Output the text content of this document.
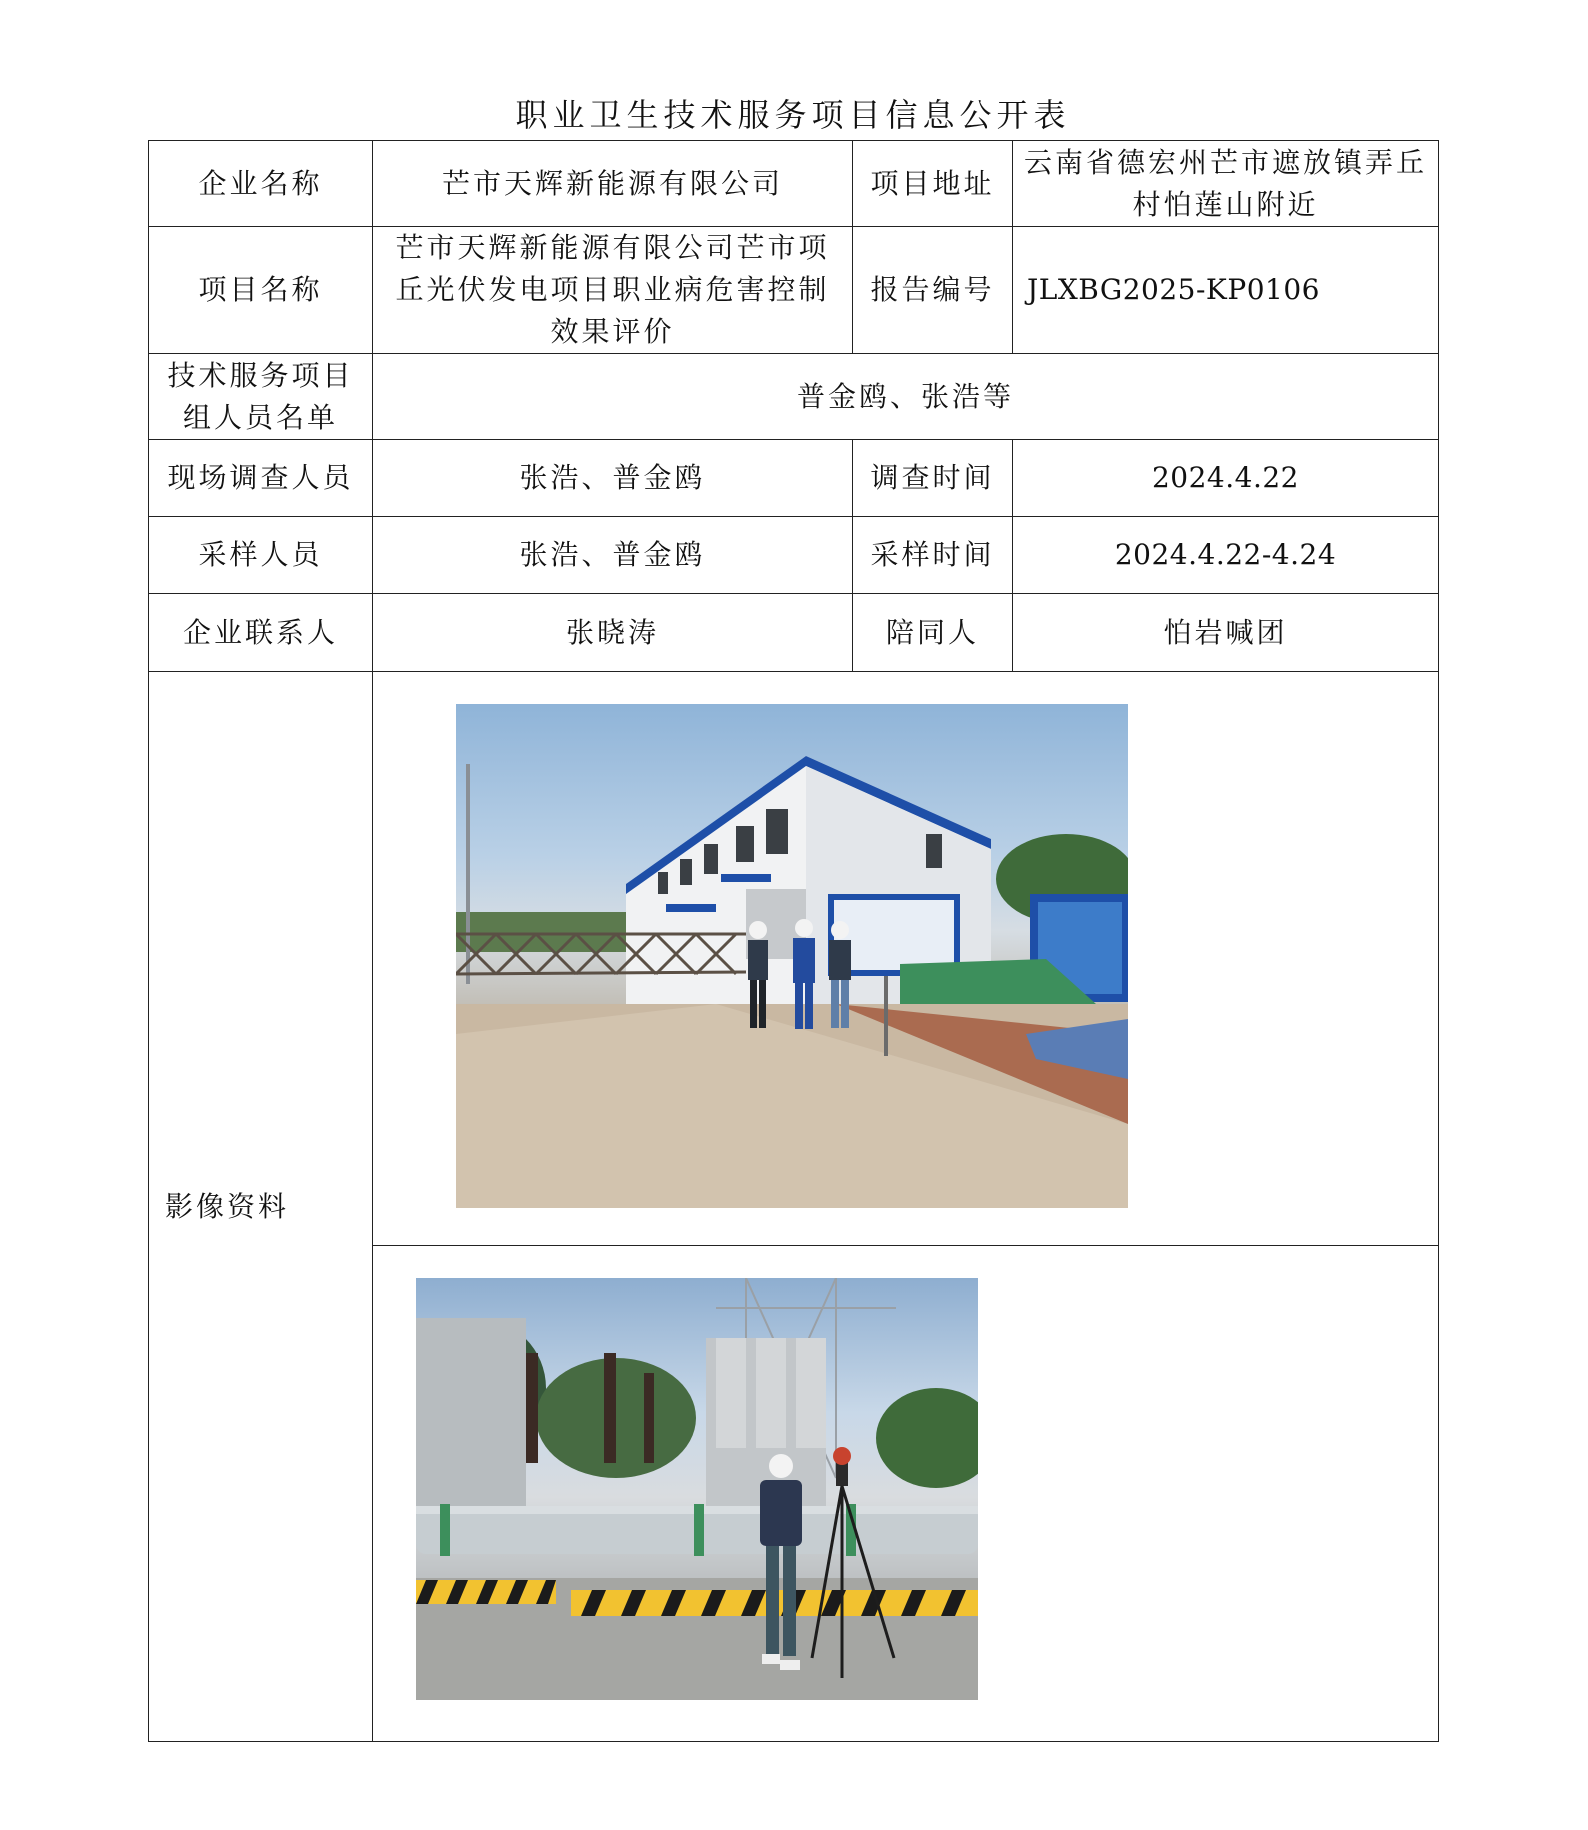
职业卫生技术服务项目信息公开表
企业名称	芒市天辉新能源有限公司	项目地址	云南省德宏州芒市遮放镇弄丘村怕莲山附近
项目名称	芒市天辉新能源有限公司芒市项丘光伏发电项目职业病危害控制效果评价	报告编号	JLXBG2025-KP0106
技术服务项目组人员名单	普金鸥、张浩等		
现场调查人员	张浩、普金鸥	调查时间	2024.4.22
采样人员	张浩、普金鸥	采样时间	2024.4.22-4.24
企业联系人	张晓涛	陪同人	怕岩喊团
影像资料			
